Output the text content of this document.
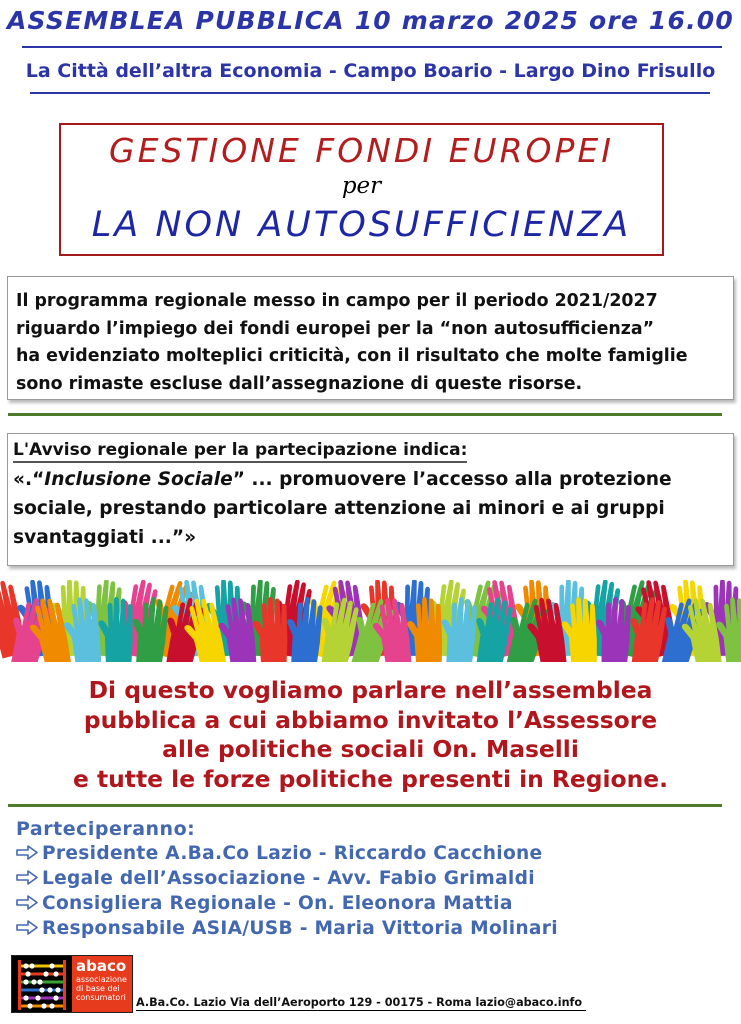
ASSEMBLEA PUBBLICA 10 marzo 2025 ore 16.00
La Città dell’altra Economia - Campo Boario - Largo Dino Frisullo
GESTIONE FONDI EUROPEI
per
LA NON AUTOSUFFICIENZA
Il programma regionale messo in campo per il periodo 2021/2027
riguardo l’impiego dei fondi europei per la “non autosufficienza”
ha evidenziato molteplici criticità, con il risultato che molte famiglie
sono rimaste escluse dall’assegnazione di queste risorse.
L'Avviso regionale per la partecipazione indica:
«.“Inclusione Sociale” ... promuovere l’accesso alla protezione sociale, prestando particolare attenzione ai minori e ai gruppi svantaggiati ...”»
Di questo vogliamo parlare nell’assemblea
pubblica a cui abbiamo invitato l’Assessore
alle politiche sociali On. Maselli
e tutte le forze politiche presenti in Regione.
Parteciperanno:
Presidente A.Ba.Co Lazio - Riccardo Cacchione
Legale dell’Associazione - Avv. Fabio Grimaldi
Consigliera Regionale - On. Eleonora Mattia
Responsabile ASIA/USB - Maria Vittoria Molinari
abaco
associazione di base dei consumatori A.Ba.Co. Lazio Via dell’Aeroporto 129 - 00175 - Roma lazio@abaco.info
